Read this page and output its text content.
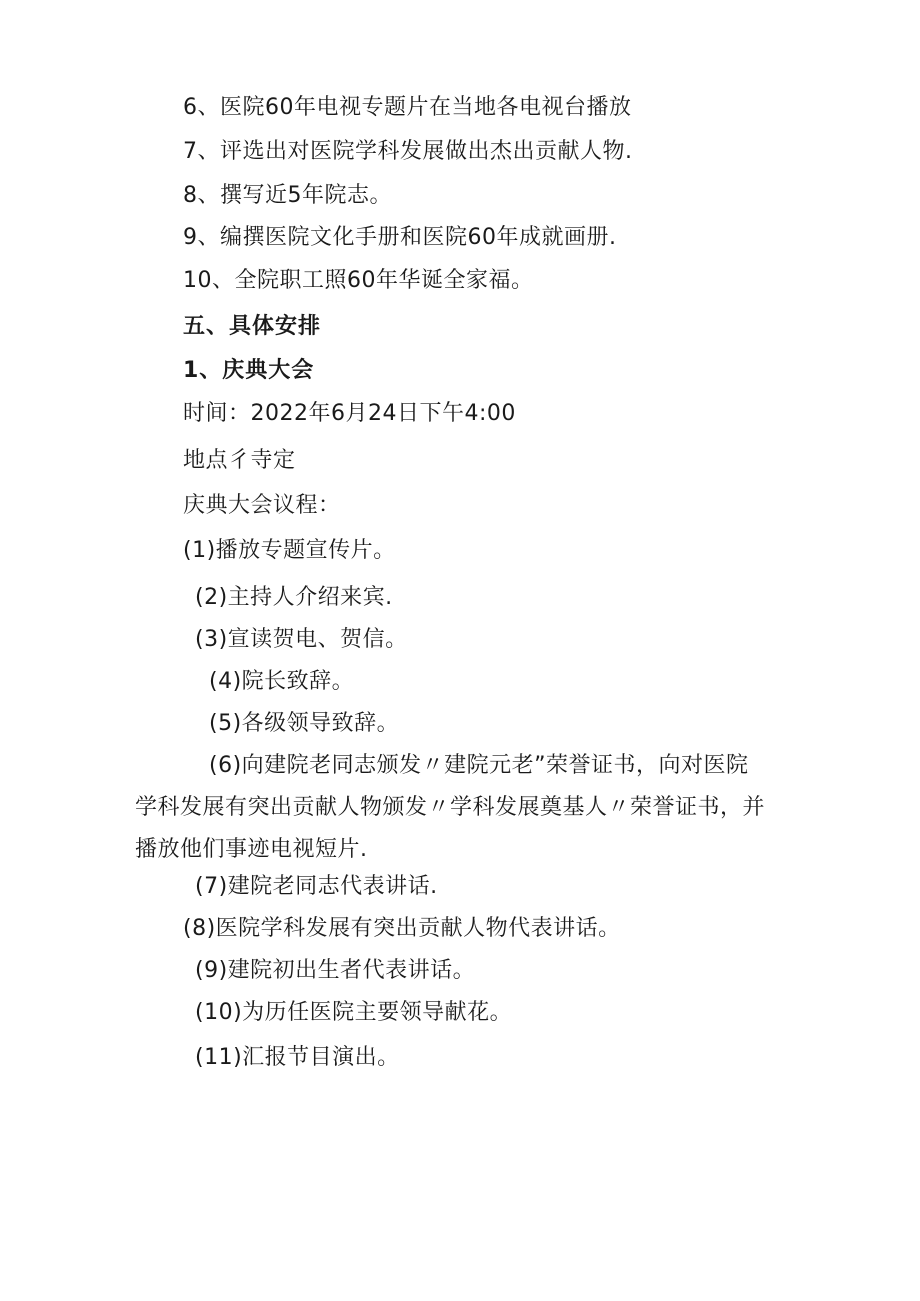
6、医院60年电视专题片在当地各电视台播放
7、评选出对医院学科发展做出杰出贡献人物.
8、撰写近5年院志。
9、编撰医院文化手册和医院60年成就画册.
10、全院职工照60年华诞全家福。
五、具体安排
1、庆典大会
时间：2022年6月24日下午4:00
地点彳寺定
庆典大会议程：
(1)播放专题宣传片。
(2)主持人介绍来宾.
(3)宣读贺电、贺信。
(4)院长致辞。
(5)各级领导致辞。
(6)向建院老同志颁发〃建院元老”荣誉证书，向对医院
学科发展有突出贡献人物颁发〃学科发展奠基人〃荣誉证书，并
播放他们事迹电视短片.
(7)建院老同志代表讲话.
(8)医院学科发展有突出贡献人物代表讲话。
(9)建院初出生者代表讲话。
(10)为历任医院主要领导献花。
(11)汇报节目演出。
